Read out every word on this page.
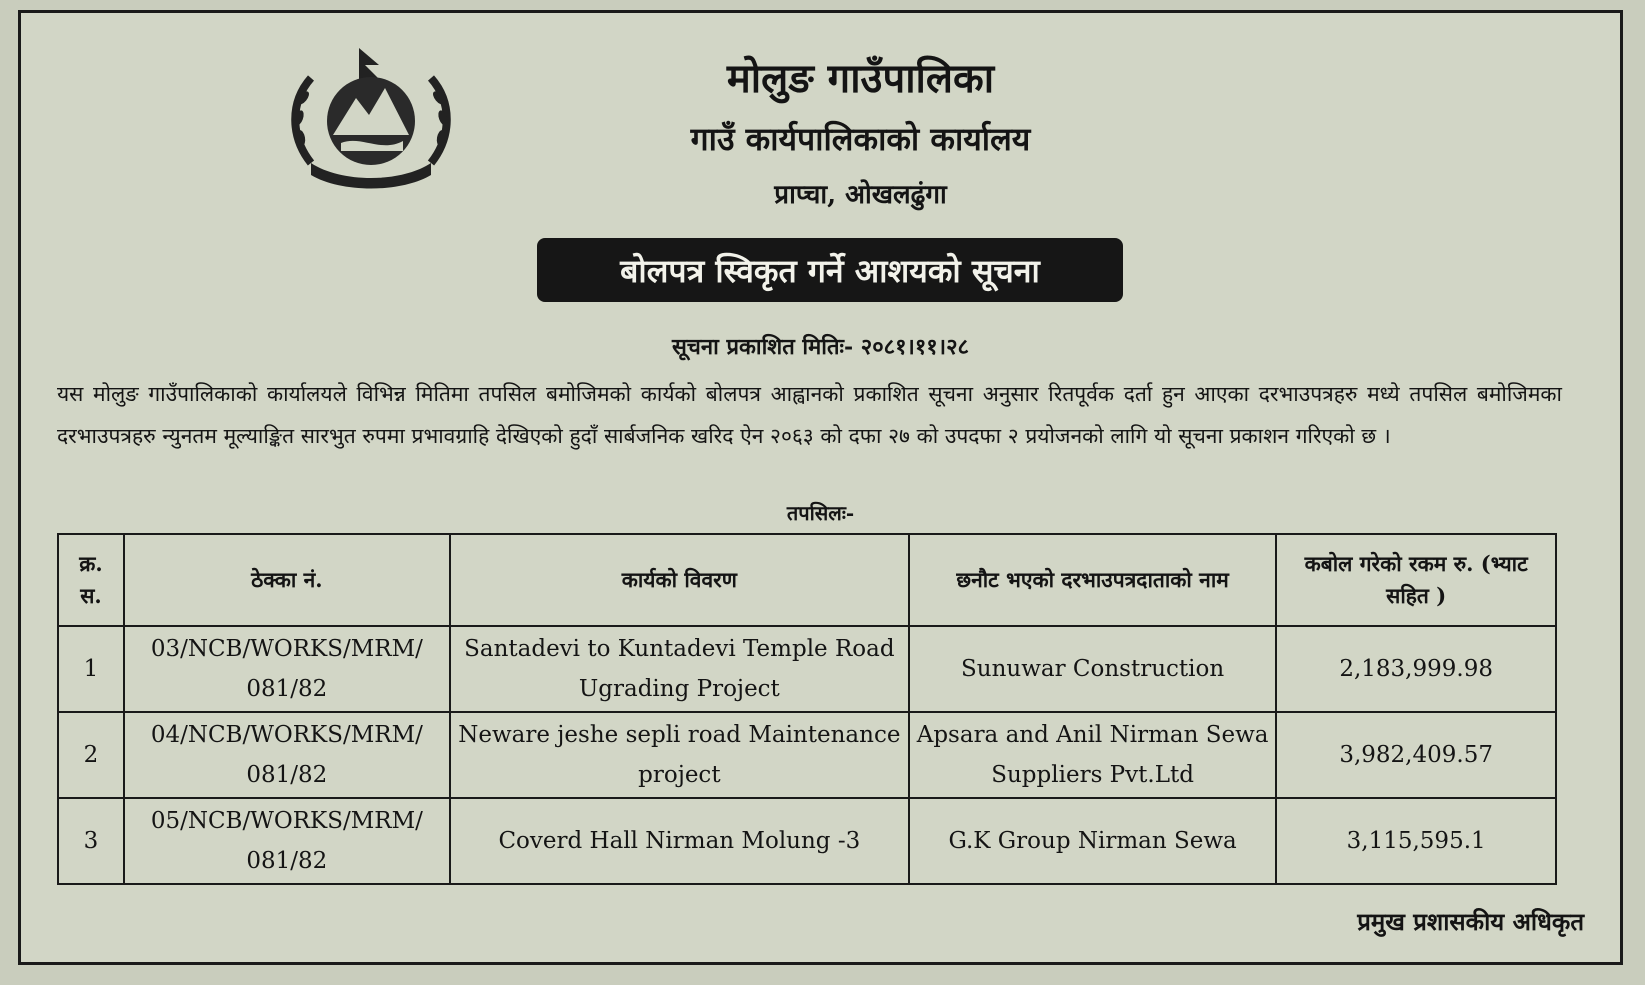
मोलुङ गाउँपालिका
गाउँ कार्यपालिकाको कार्यालय
प्राप्चा, ओखलढुंगा
बोलपत्र स्विकृत गर्ने आशयको सूचना
सूचना प्रकाशित मितिः- २०८१।११।२८
यस मोलुङ गाउँपालिकाको कार्यालयले विभिन्न मितिमा तपसिल बमोजिमको कार्यको बोलपत्र आह्वानको प्रकाशित सूचना अनुसार रितपूर्वक दर्ता हुन आएका दरभाउपत्रहरु मध्ये तपसिल बमोजिमका दरभाउपत्रहरु न्युनतम मूल्याङ्कित सारभुत रुपमा प्रभावग्राहि देखिएको हुदाँ सार्बजनिक खरिद ऐन २०६३ को दफा २७ को उपदफा २ प्रयोजनको लागि यो सूचना प्रकाशन गरिएको छ ।
तपसिलः-
क्र. स.	ठेक्का नं.	कार्यको विवरण	छनौट भएको दरभाउपत्रदाताको नाम	कबोल गरेको रकम रु. (भ्याट सहित )
1	03/NCB/WORKS/MRM/ 081/82	Santadevi to Kuntadevi Temple Road Ugrading Project	Sunuwar Construction	2,183,999.98
2	04/NCB/WORKS/MRM/ 081/82	Neware jeshe sepli road Maintenance project	Apsara and Anil Nirman Sewa Suppliers Pvt.Ltd	3,982,409.57
3	05/NCB/WORKS/MRM/ 081/82	Coverd Hall Nirman Molung -3	G.K Group Nirman Sewa	3,115,595.1
प्रमुख प्रशासकीय अधिकृत
